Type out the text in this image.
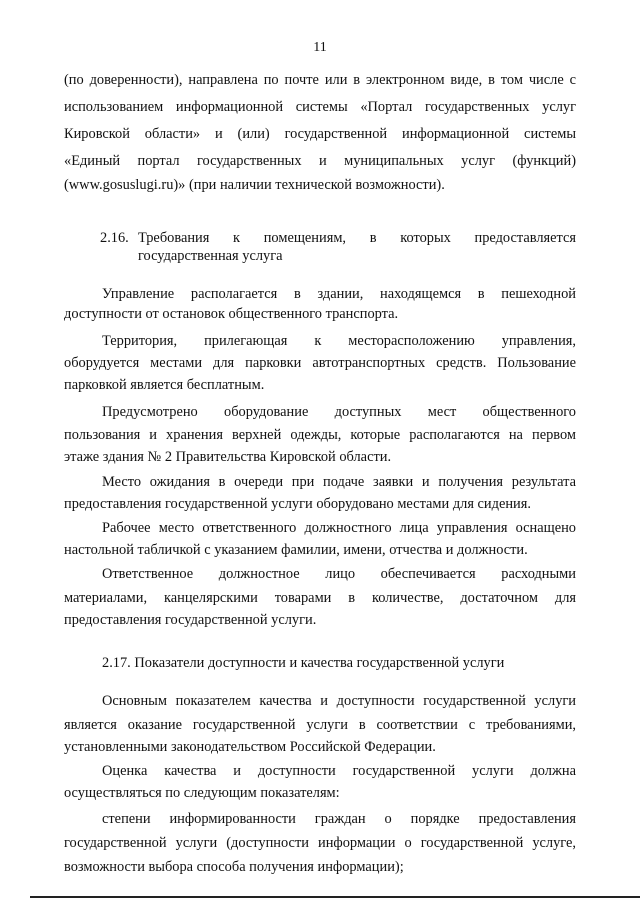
11
(по доверенности), направлена по почте или в электронном виде, в том числе с
использованием информационной системы «Портал государственных услуг
Кировской области» и (или) государственной информационной системы
«Единый портал государственных и муниципальных услуг (функций)
(www.gosuslugi.ru)» (при наличии технической возможности).
2.16. Требования к помещениям, в которых предоставляется
государственная услуга
Управление располагается в здании, находящемся в пешеходной
доступности от остановок общественного транспорта.
Территория, прилегающая к месторасположению управления,
оборудуется местами для парковки автотранспортных средств. Пользование
парковкой является бесплатным.
Предусмотрено оборудование доступных мест общественного
пользования и хранения верхней одежды, которые располагаются на первом
этаже здания № 2 Правительства Кировской области.
Место ожидания в очереди при подаче заявки и получения результата
предоставления государственной услуги оборудовано местами для сидения.
Рабочее место ответственного должностного лица управления оснащено
настольной табличкой с указанием фамилии, имени, отчества и должности.
Ответственное должностное лицо обеспечивается расходными
материалами, канцелярскими товарами в количестве, достаточном для
предоставления государственной услуги.
2.17. Показатели доступности и качества государственной услуги
Основным показателем качества и доступности государственной услуги
является оказание государственной услуги в соответствии с требованиями,
установленными законодательством Российской Федерации.
Оценка качества и доступности государственной услуги должна
осуществляться по следующим показателям:
степени информированности граждан о порядке предоставления
государственной услуги (доступности информации о государственной услуге,
возможности выбора способа получения информации);
